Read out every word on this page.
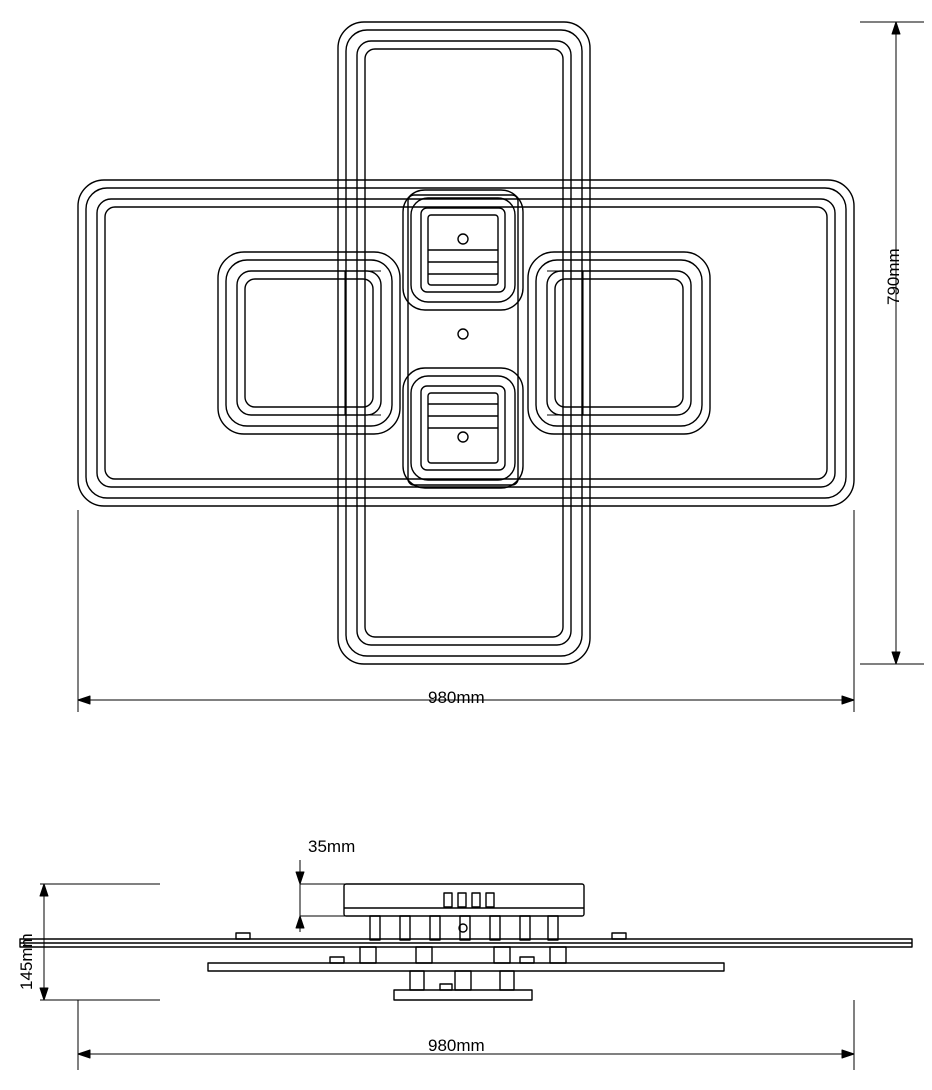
790mm
980mm
35mm
145mm
980mm
